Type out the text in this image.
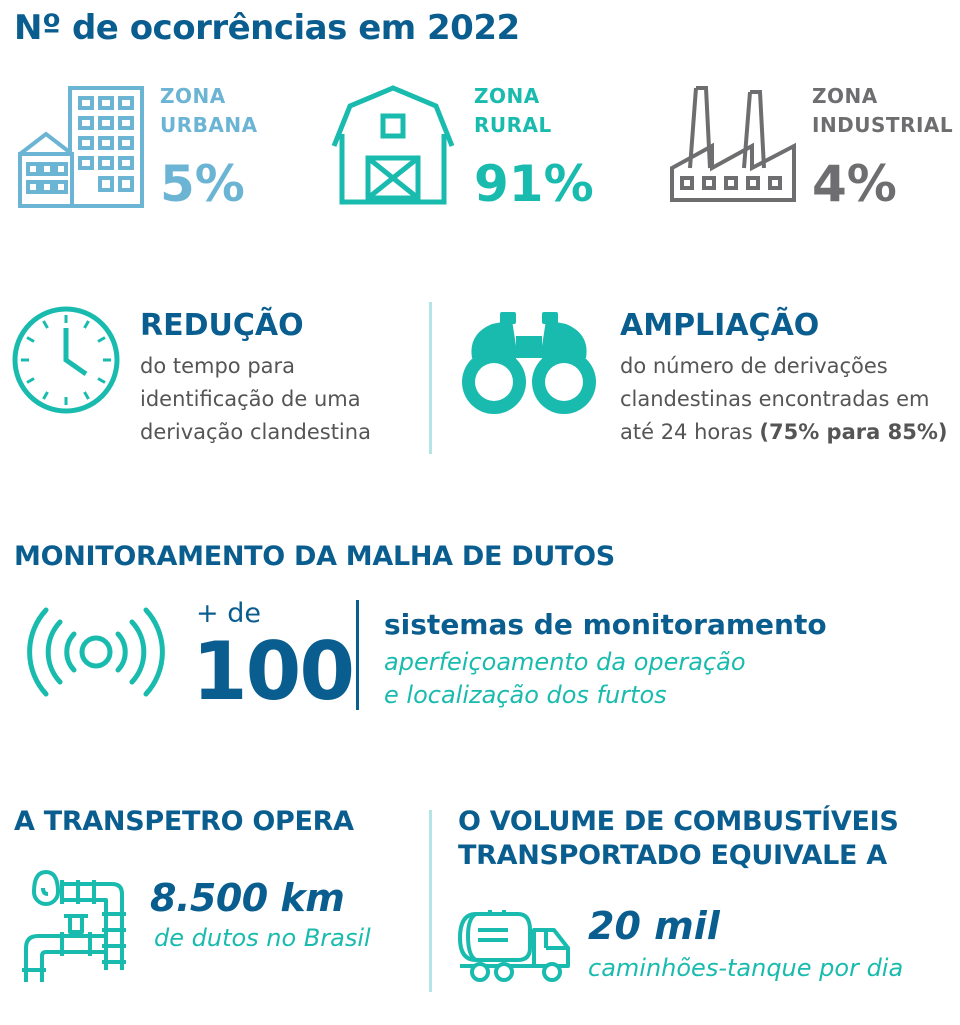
Nº de ocorrências em 2022
ZONA
URBANA
5%
ZONA
RURAL
91%
ZONA
INDUSTRIAL
4%
REDUÇÃO
do tempo para
identificação de uma
derivação clandestina
AMPLIAÇÃO
do número de derivações
clandestinas encontradas em
até 24 horas (75% para 85%)
MONITORAMENTO DA MALHA DE DUTOS
+ de
100
sistemas de monitoramento
aperfeiçoamento da operação
e localização dos furtos
A TRANSPETRO OPERA
8.500 km
de dutos no Brasil
O VOLUME DE COMBUSTÍVEIS
TRANSPORTADO EQUIVALE A
20 mil
caminhões-tanque por dia
